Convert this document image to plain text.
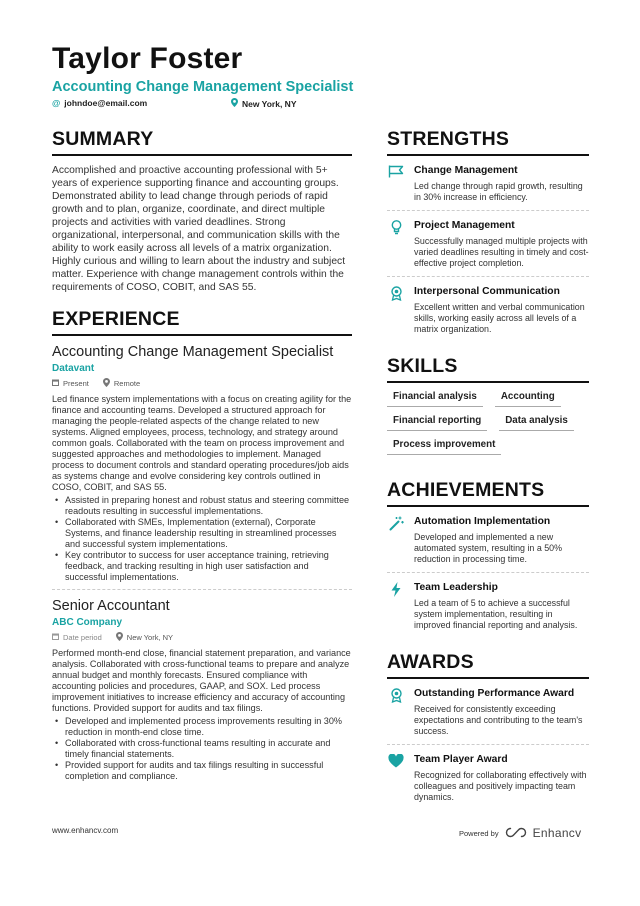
Taylor Foster
Accounting Change Management Specialist
@ johndoe@email.com	New York, NY
SUMMARY
Accomplished and proactive accounting professional with 5+ years of experience supporting finance and accounting groups. Demonstrated ability to lead change through periods of rapid growth and to plan, organize, coordinate, and direct multiple projects and activities with varied deadlines. Strong organizational, interpersonal, and communication skills with the ability to work easily across all levels of a matrix organization. Highly curious and willing to learn about the industry and subject matter. Experience with change management controls within the requirements of COSO, COBIT, and SAS 55.
EXPERIENCE
Accounting Change Management Specialist
Datavant
Present	Remote
Led finance system implementations with a focus on creating agility for the finance and accounting teams. Developed a structured approach for managing the people-related aspects of the change related to new systems. Aligned employees, process, technology, and strategy around common goals. Collaborated with the team on process improvement and suggested approaches and methodologies to implement. Managed process to document controls and standard operating procedures/job aids as systems change and evolve considering key controls outlined in COSO, COBIT, and SAS 55.
• Assisted in preparing honest and robust status and steering committee readouts resulting in successful implementations.
• Collaborated with SMEs, Implementation (external), Corporate Systems, and finance leadership resulting in streamlined processes and successful system implementations.
• Key contributor to success for user acceptance training, retrieving feedback, and tracking resulting in high user satisfaction and successful implementations.
Senior Accountant
ABC Company
Date period	New York, NY
Performed month-end close, financial statement preparation, and variance analysis. Collaborated with cross-functional teams to prepare and analyze annual budget and monthly forecasts. Ensured compliance with accounting policies and procedures, GAAP, and SOX. Led process improvement initiatives to increase efficiency and accuracy of accounting functions. Provided support for audits and tax filings.
• Developed and implemented process improvements resulting in 30% reduction in month-end close time.
• Collaborated with cross-functional teams resulting in accurate and timely financial statements.
• Provided support for audits and tax filings resulting in successful completion and compliance.
STRENGTHS
Change Management
Led change through rapid growth, resulting in 30% increase in efficiency.
Project Management
Successfully managed multiple projects with varied deadlines resulting in timely and cost-effective project completion.
Interpersonal Communication
Excellent written and verbal communication skills, working easily across all levels of a matrix organization.
SKILLS
Financial analysis	Accounting
Financial reporting	Data analysis
Process improvement
ACHIEVEMENTS
Automation Implementation
Developed and implemented a new automated system, resulting in a 50% reduction in processing time.
Team Leadership
Led a team of 5 to achieve a successful system implementation, resulting in improved financial reporting and analysis.
AWARDS
Outstanding Performance Award
Received for consistently exceeding expectations and contributing to the team's success.
Team Player Award
Recognized for collaborating effectively with colleagues and positively impacting team dynamics.
www.enhancv.com	Powered by	Enhancv
